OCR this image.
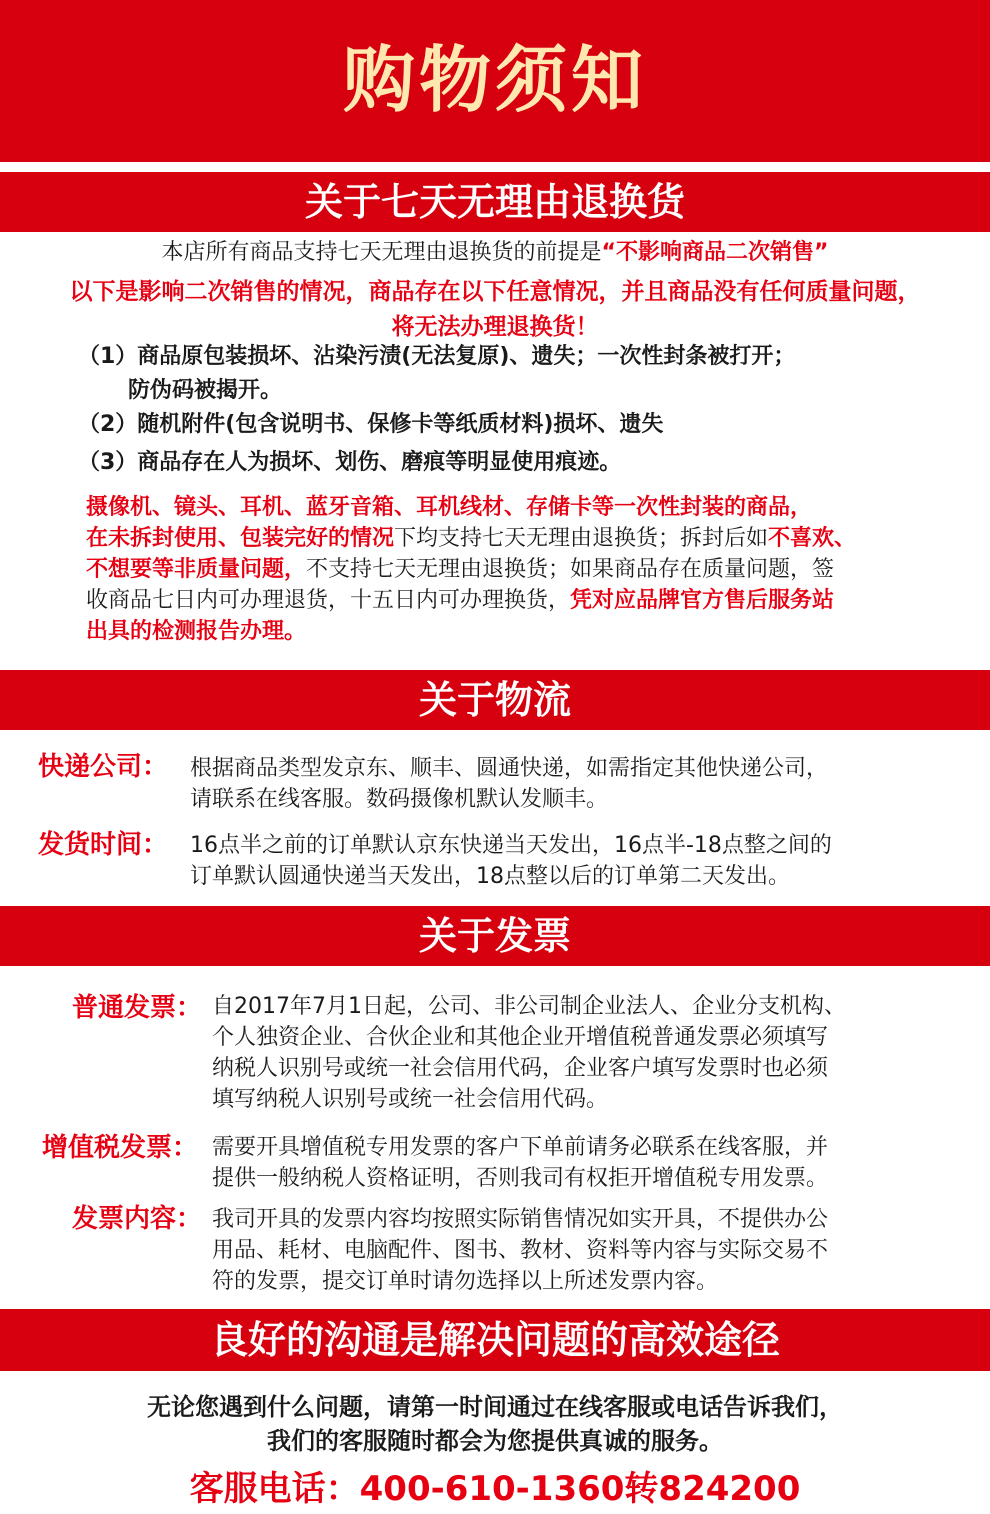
购物须知
关于七天无理由退换货
本店所有商品支持七天无理由退换货的前提是“不影响商品二次销售”
以下是影响二次销售的情况，商品存在以下任意情况，并且商品没有任何质量问题，
将无法办理退换货！
（1）商品原包装损坏、沾染污渍(无法复原)、遗失；一次性封条被打开；
防伪码被揭开。
（2）随机附件(包含说明书、保修卡等纸质材料)损坏、遗失
（3）商品存在人为损坏、划伤、磨痕等明显使用痕迹。
摄像机、镜头、耳机、蓝牙音箱、耳机线材、存储卡等一次性封装的商品，
在未拆封使用、包装完好的情况下均支持七天无理由退换货；拆封后如不喜欢、
不想要等非质量问题，不支持七天无理由退换货；如果商品存在质量问题，签
收商品七日内可办理退货，十五日内可办理换货，凭对应品牌官方售后服务站
出具的检测报告办理。
关于物流
快递公司： 根据商品类型发京东、顺丰、圆通快递，如需指定其他快递公司，
请联系在线客服。数码摄像机默认发顺丰。
发货时间： 16点半之前的订单默认京东快递当天发出，16点半-18点整之间的
订单默认圆通快递当天发出，18点整以后的订单第二天发出。
关于发票
普通发票： 自2017年7月1日起，公司、非公司制企业法人、企业分支机构、
个人独资企业、合伙企业和其他企业开增值税普通发票必须填写
纳税人识别号或统一社会信用代码，企业客户填写发票时也必须
填写纳税人识别号或统一社会信用代码。
增值税发票： 需要开具增值税专用发票的客户下单前请务必联系在线客服，并
提供一般纳税人资格证明，否则我司有权拒开增值税专用发票。
发票内容： 我司开具的发票内容均按照实际销售情况如实开具，不提供办公
用品、耗材、电脑配件、图书、教材、资料等内容与实际交易不
符的发票，提交订单时请勿选择以上所述发票内容。
良好的沟通是解决问题的高效途径
无论您遇到什么问题，请第一时间通过在线客服或电话告诉我们，
我们的客服随时都会为您提供真诚的服务。
客服电话：400-610-1360转824200
